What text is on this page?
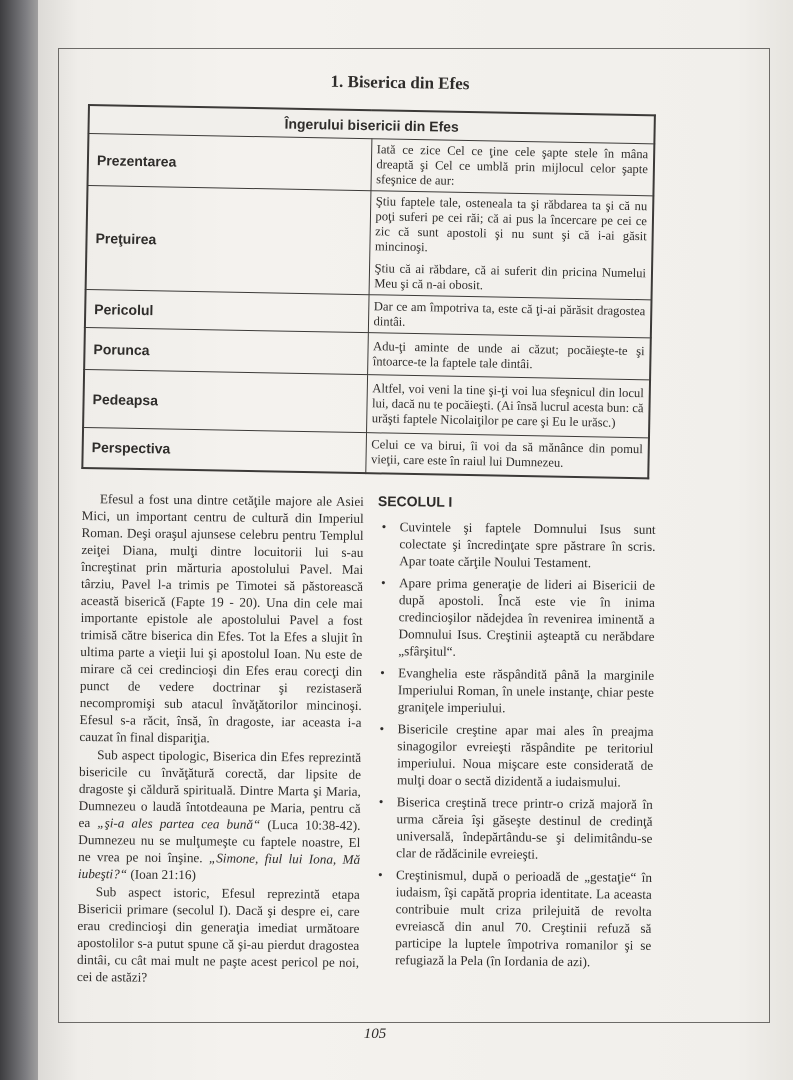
1. Biserica din Efes
Îngerului bisericii din Efes	
Prezentarea	Iată ce zice Cel ce ţine cele şapte stele în mâna dreaptă şi Cel ce umblă prin mijlocul celor şapte sfeşnice de aur:
Preţuirea	Ştiu faptele tale, osteneala ta şi răbdarea ta şi că nu poţi suferi pe cei răi; că ai pus la încercare pe cei ce zic că sunt apostoli şi nu sunt şi că i-ai găsit mincinoşi.
Ştiu că ai răbdare, că ai suferit din pricina Numelui Meu şi că n-ai obosit.

Pericolul	Dar ce am împotriva ta, este că ţi-ai părăsit dragostea dintâi.
Porunca	Adu-ţi aminte de unde ai căzut; pocăieşte-te şi întoarce-te la faptele tale dintâi.
Pedeapsa	Altfel, voi veni la tine şi-ţi voi lua sfeşnicul din locul lui, dacă nu te pocăieşti. (Ai însă lucrul acesta bun: că urăşti faptele Nicolaiţilor pe care şi Eu le urăsc.)
Perspectiva	Celui ce va birui, îi voi da să mănânce din pomul vieţii, care este în raiul lui Dumnezeu.

Efesul a fost una dintre cetăţile majore ale Asiei Mici, un important centru de cultură din Imperiul Roman. Deşi oraşul ajunsese celebru pentru Templul zeiţei Diana, mulţi dintre locuitorii lui s-au încreştinat prin mărturia apostolului Pavel. Mai târziu, Pavel l-a trimis pe Timotei să păstorească această biserică (Fapte 19 - 20). Una din cele mai importante epistole ale apostolului Pavel a fost trimisă către biserica din Efes. Tot la Efes a slujit în ultima parte a vieţii lui şi apostolul Ioan. Nu este de mirare că cei credincioşi din Efes erau corecţi din punct de vedere doctrinar şi rezistaseră necompromişi sub atacul învăţătorilor mincinoşi. Efesul s-a răcit, însă, în dragoste, iar aceasta i-a cauzat în final dispariţia.

Sub aspect tipologic, Biserica din Efes reprezintă bisericile cu învăţătură corectă, dar lipsite de dragoste şi căldură spirituală. Dintre Marta şi Maria, Dumnezeu o laudă întotdeauna pe Maria, pentru că ea „şi-a ales partea cea bună“ (Luca 10:38-42). Dumnezeu nu se mulţumeşte cu faptele noastre, El ne vrea pe noi înşine. „Simone, fiul lui Iona, Mă iubeşti?“ (Ioan 21:16)

Sub aspect istoric, Efesul reprezintă etapa Bisericii primare (secolul I). Dacă şi despre ei, care erau credincioşi din generaţia imediat următoare apostolilor s-a putut spune că şi-au pierdut dragostea dintâi, cu cât mai mult ne paşte acest pericol pe noi, cei de astăzi?

SECOLUL I
• Cuvintele şi faptele Domnului Isus sunt colectate şi încredinţate spre păstrare în scris. Apar toate cărţile Noului Testament.
• Apare prima generaţie de lideri ai Bisericii de după apostoli. Încă este vie în inima credincioşilor nădejdea în revenirea iminentă a Domnului Isus. Creştinii aşteaptă cu nerăbdare „sfârşitul“.
• Evanghelia este răspândită până la marginile Imperiului Roman, în unele instanţe, chiar peste graniţele imperiului.
• Bisericile creştine apar mai ales în preajma sinagogilor evreieşti răspândite pe teritoriul imperiului. Noua mişcare este considerată de mulţi doar o sectă dizidentă a iudaismului.
• Biserica creştină trece printr-o criză majoră în urma căreia îşi găseşte destinul de credinţă universală, îndepărtându-se şi delimitându-se clar de rădăcinile evreieşti.
• Creştinismul, după o perioadă de „gestaţie“ în iudaism, îşi capătă propria identitate. La aceasta contribuie mult criza prilejuită de revolta evreiască din anul 70. Creştinii refuză să participe la luptele împotriva romanilor şi se refugiază la Pela (în Iordania de azi).
105
